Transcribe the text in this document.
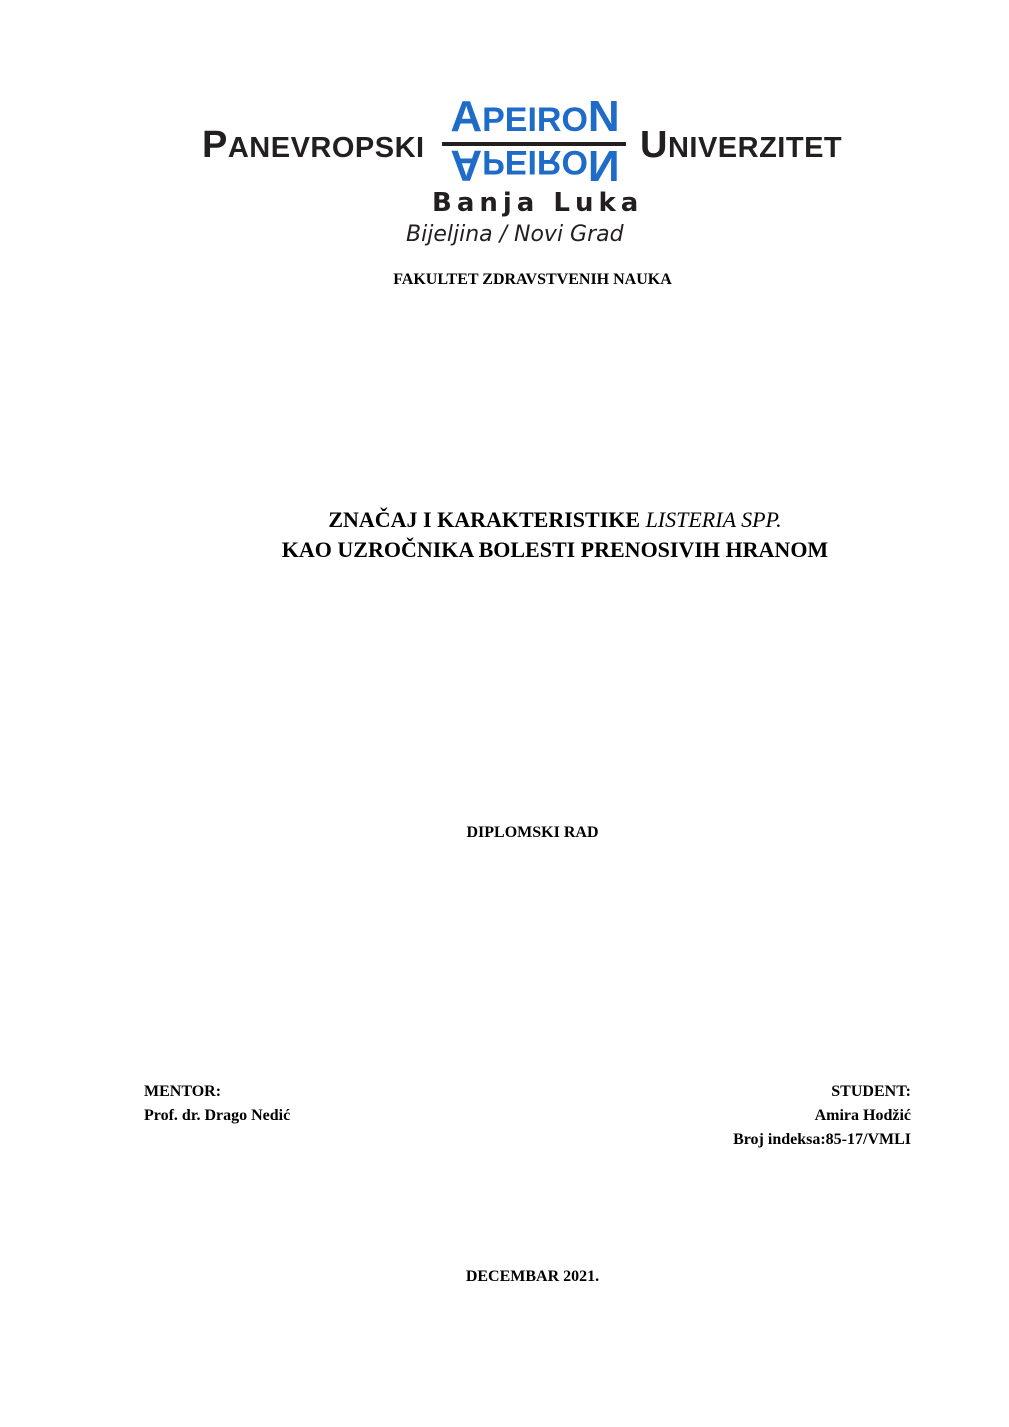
PANEVROPSKI
APEIRON
APEIRON UNIVERZITET
Banja Luka
Bijeljina / Novi Grad
FAKULTET ZDRAVSTVENIH NAUKA
ZNAČAJ I KARAKTERISTIKE LISTERIA SPP.
KAO UZROČNIKA BOLESTI PRENOSIVIH HRANOM
DIPLOMSKI RAD
MENTOR:
Prof. dr. Drago Nedić
STUDENT:
Amira Hodžić
Broj indeksa:85-17/VMLI
DECEMBAR 2021.
